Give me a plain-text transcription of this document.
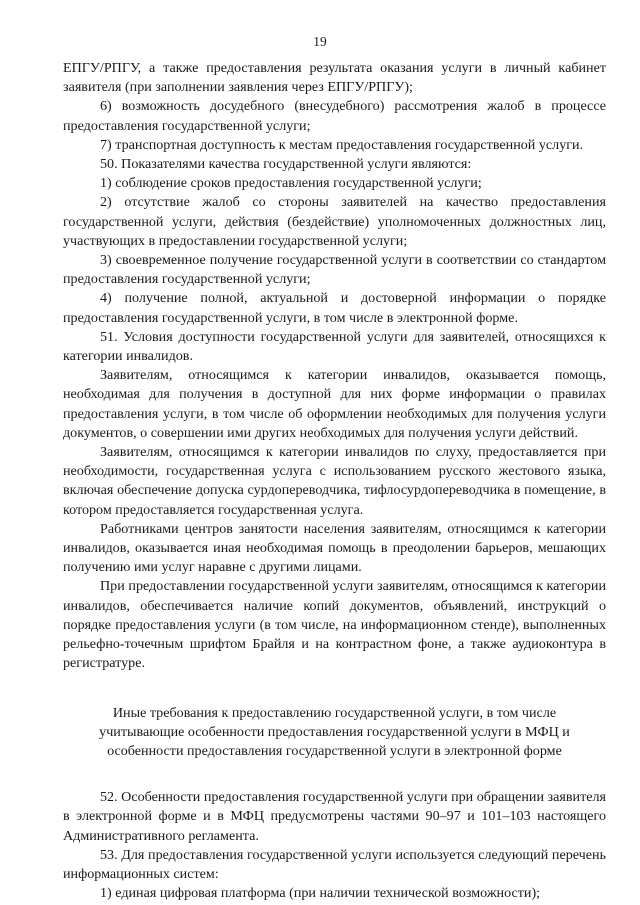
19

ЕПГУ/РПГУ, а также предоставления результата оказания услуги в личный кабинет заявителя (при заполнении заявления через ЕПГУ/РПГУ);

6) возможность досудебного (внесудебного) рассмотрения жалоб в процессе предоставления государственной услуги;

7) транспортная доступность к местам предоставления государственной услуги.

50. Показателями качества государственной услуги являются:

1) соблюдение сроков предоставления государственной услуги;

2) отсутствие жалоб со стороны заявителей на качество предоставления государственной услуги, действия (бездействие) уполномоченных должностных лиц, участвующих в предоставлении государственной услуги;

3) своевременное получение государственной услуги в соответствии со стандартом предоставления государственной услуги;

4) получение полной, актуальной и достоверной информации о порядке предоставления государственной услуги, в том числе в электронной форме.

51. Условия доступности государственной услуги для заявителей, относящихся к категории инвалидов.

Заявителям, относящимся к категории инвалидов, оказывается помощь, необходимая для получения в доступной для них форме информации о правилах предоставления услуги, в том числе об оформлении необходимых для получения услуги документов, о совершении ими других необходимых для получения услуги действий.

Заявителям, относящимся к категории инвалидов по слуху, предоставляется при необходимости, государственная услуга с использованием русского жестового языка, включая обеспечение допуска сурдопереводчика, тифлосурдопереводчика в помещение, в котором предоставляется государственная услуга.

Работниками центров занятости населения заявителям, относящимся к категории инвалидов, оказывается иная необходимая помощь в преодолении барьеров, мешающих получению ими услуг наравне с другими лицами.

При предоставлении государственной услуги заявителям, относящимся к категории инвалидов, обеспечивается наличие копий документов, объявлений, инструкций о порядке предоставления услуги (в том числе, на информационном стенде), выполненных рельефно-точечным шрифтом Брайля и на контрастном фоне, а также аудиоконтура в регистратуре.

Иные требования к предоставлению государственной услуги, в том числе учитывающие особенности предоставления государственной услуги в МФЦ и особенности предоставления государственной услуги в электронной форме

52. Особенности предоставления государственной услуги при обращении заявителя в электронной форме и в МФЦ предусмотрены частями 90–97 и 101–103 настоящего Административного регламента.

53. Для предоставления государственной услуги используется следующий перечень информационных систем:

1) единая цифровая платформа (при наличии технической возможности);
